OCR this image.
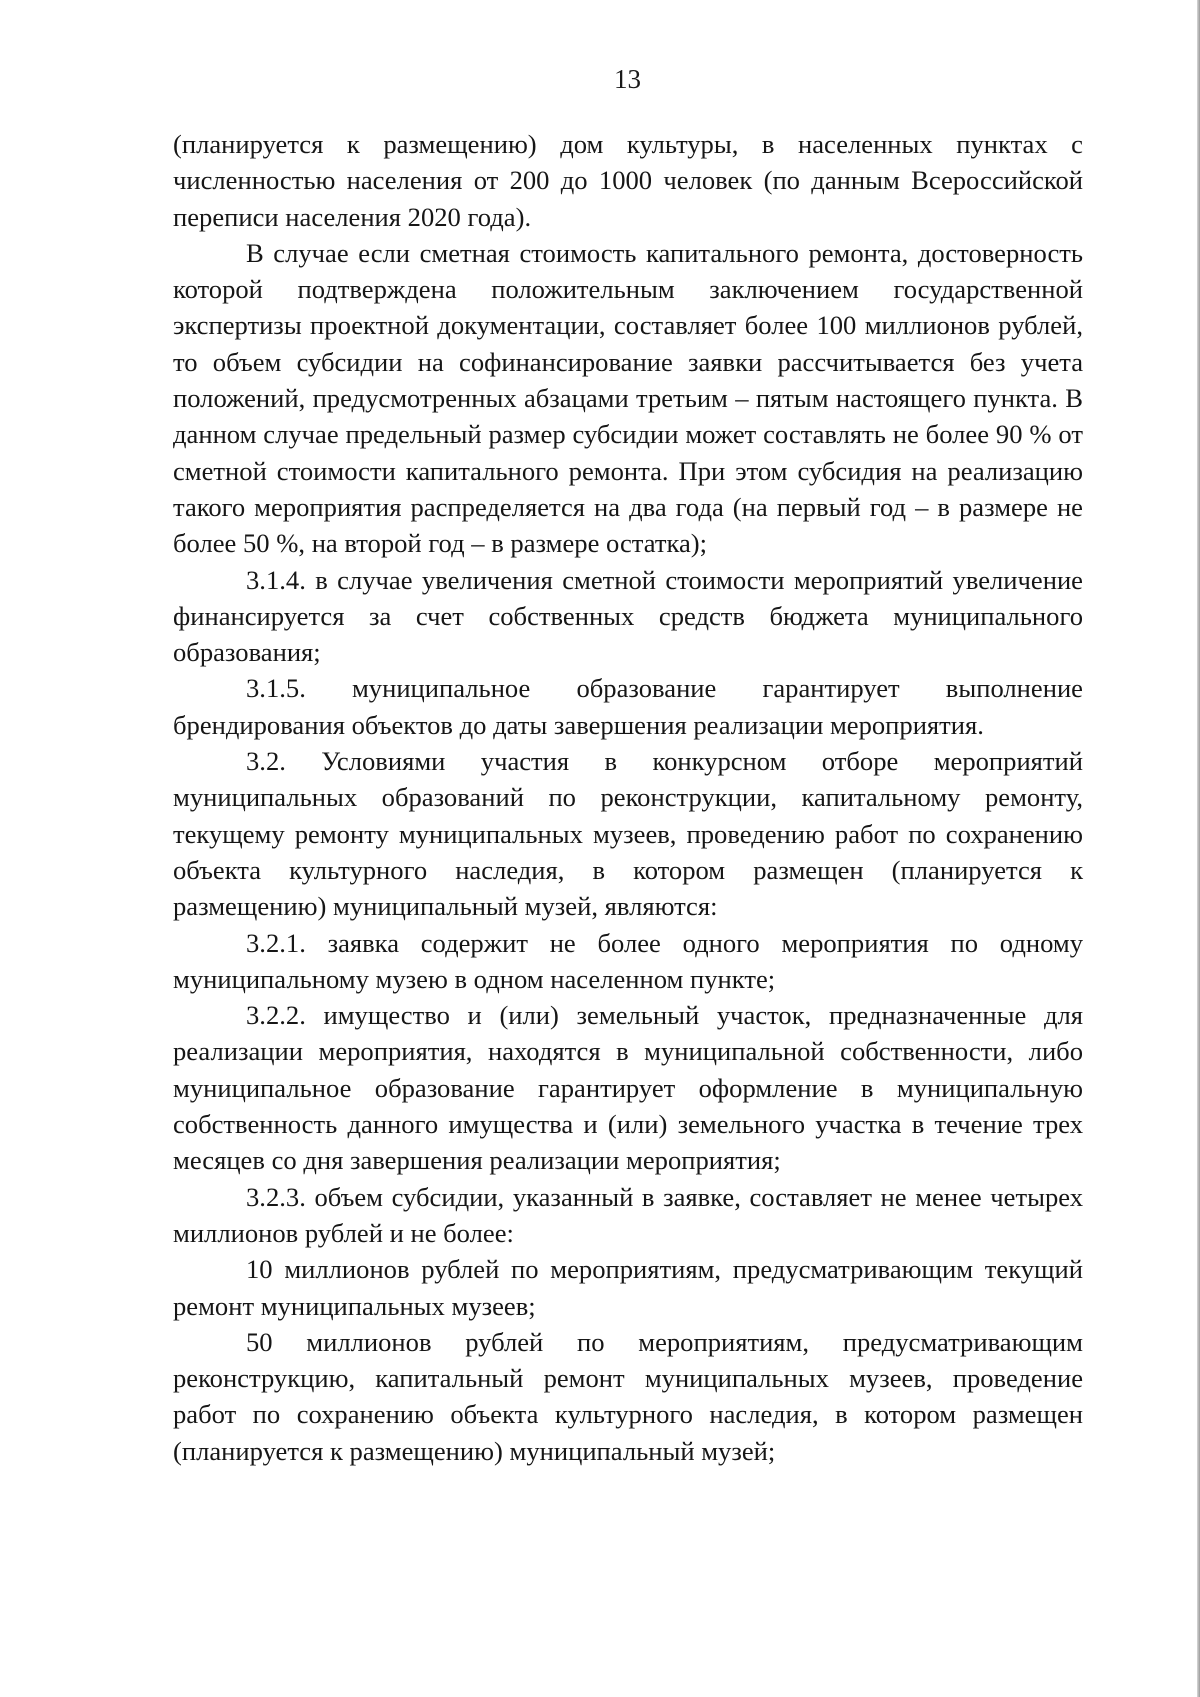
13

(планируется к размещению) дом культуры, в населенных пунктах с численностью населения от 200 до 1000 человек (по данным Всероссийской переписи населения 2020 года).

В случае если сметная стоимость капитального ремонта, достоверность которой подтверждена положительным заключением государственной экспертизы проектной документации, составляет более 100 миллионов рублей, то объем субсидии на софинансирование заявки рассчитывается без учета положений, предусмотренных абзацами третьим – пятым настоящего пункта. В данном случае предельный размер субсидии может составлять не более 90 % от сметной стоимости капитального ремонта. При этом субсидия на реализацию такого мероприятия распределяется на два года (на первый год – в размере не более 50 %, на второй год – в размере остатка);

3.1.4. в случае увеличения сметной стоимости мероприятий увеличение финансируется за счет собственных средств бюджета муниципального образования;

3.1.5. муниципальное образование гарантирует выполнение брендирования объектов до даты завершения реализации мероприятия.

3.2. Условиями участия в конкурсном отборе мероприятий муниципальных образований по реконструкции, капитальному ремонту, текущему ремонту муниципальных музеев, проведению работ по сохранению объекта культурного наследия, в котором размещен (планируется к размещению) муниципальный музей, являются:

3.2.1. заявка содержит не более одного мероприятия по одному муниципальному музею в одном населенном пункте;

3.2.2. имущество и (или) земельный участок, предназначенные для реализации мероприятия, находятся в муниципальной собственности, либо муниципальное образование гарантирует оформление в муниципальную собственность данного имущества и (или) земельного участка в течение трех месяцев со дня завершения реализации мероприятия;

3.2.3. объем субсидии, указанный в заявке, составляет не менее четырех миллионов рублей и не более:

10 миллионов рублей по мероприятиям, предусматривающим текущий ремонт муниципальных музеев;

50 миллионов рублей по мероприятиям, предусматривающим реконструкцию, капитальный ремонт муниципальных музеев, проведение работ по сохранению объекта культурного наследия, в котором размещен (планируется к размещению) муниципальный музей;
